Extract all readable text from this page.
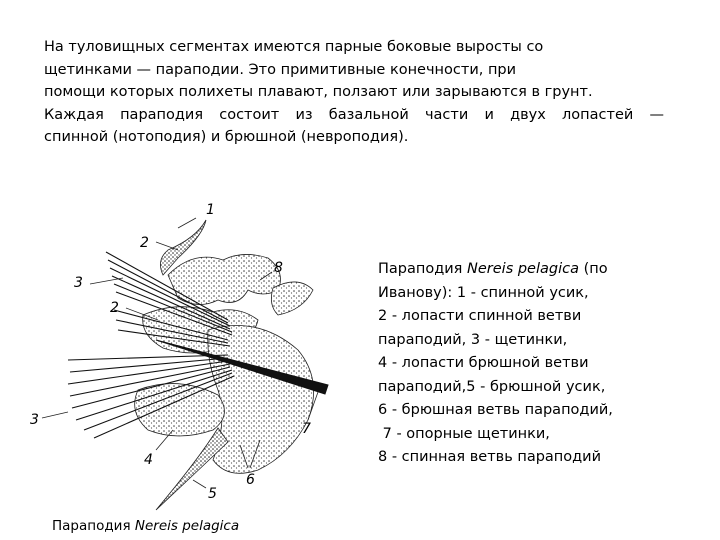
На туловищных сегментах имеются парные боковые выросты со
щетинками — параподии. Это примитивные конечности, при
помощи которых полихеты плавают, ползают или зарываются в грунт.
Каждая параподия состоит из базальной части и двух лопастей —
спинной (нотоподия) и брюшной (невроподия).
1
2
3
8
2
3
4
5
6
7
Параподия Nereis pelagica (по
Иванову): 1 - спинной усик,
2 - лопасти спинной ветви
параподий, 3 - щетинки,
4 - лопасти брюшной ветви
параподий,5 - брюшной усик,
6 - брюшная ветвь параподий,
7 - опорные щетинки,
8 - спинная ветвь параподий
Параподия Nereis pelagica
